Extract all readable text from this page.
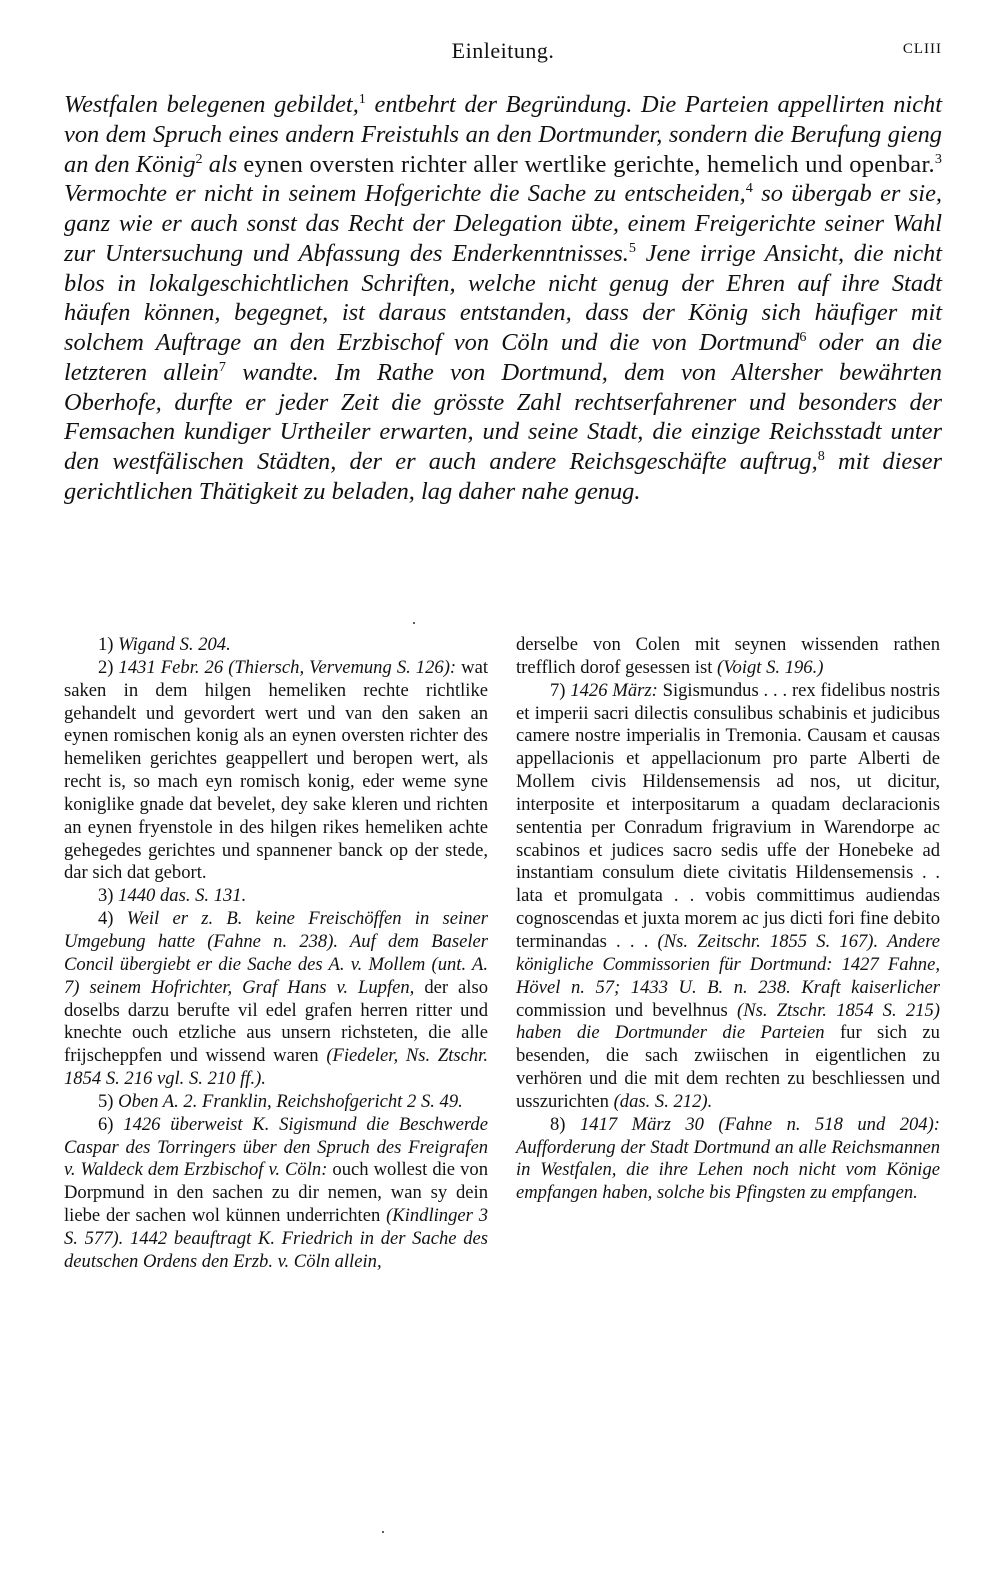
Einleitung.	CLIII

Westfalen belegenen gebildet,$^1$ entbehrt der Begründung. Die Parteien appellirten nicht von dem Spruch eines andern Freistuhls an den Dortmunder, sondern die Berufung gieng an den König$^2$ als eynen oversten richter aller wertlike gerichte, hemelich und openbar.$^3$ Vermochte er nicht in seinem Hofgerichte die Sache zu entscheiden,$^4$ so übergab er sie, ganz wie er auch sonst das Recht der Delegation übte, einem Freigerichte seiner Wahl zur Untersuchung und Abfassung des Enderkenntnisses.$^5$ Jene irrige Ansicht, die nicht blos in lokalgeschichtlichen Schriften, welche nicht genug der Ehren auf ihre Stadt häufen können, begegnet, ist daraus entstanden, dass der König sich häufiger mit solchem Auftrage an den Erzbischof von Cöln und die von Dortmund$^6$ oder an die letzteren allein$^7$ wandte. Im Rathe von Dortmund, dem von Altersher bewährten Oberhofe, durfte er jeder Zeit die grösste Zahl rechtserfahrener und besonders der Femsachen kundiger Urtheiler erwarten, und seine Stadt, die einzige Reichsstadt unter den westfälischen Städten, der er auch andere Reichsgeschäfte auftrug,$^8$ mit dieser gerichtlichen Thätigkeit zu beladen, lag daher nahe genug.

·

1) Wigand S. 204.

2) 1431 Febr. 26 (Thiersch, Vervemung S. 126): wat saken in dem hilgen hemeliken rechte richtlike gehandelt und gevordert wert und van den saken an eynen romischen konig als an eynen oversten richter des hemeliken gerichtes geappellert und beropen wert, als recht is, so mach eyn romisch konig, eder weme syne koniglike gnade dat bevelet, dey sake kleren und richten an eynen fryenstole in des hilgen rikes hemeliken achte gehegedes gerichtes und spannener banck op der stede, dar sich dat gebort.

3) 1440 das. S. 131.

4) Weil er z. B. keine Freischöffen in seiner Umgebung hatte (Fahne n. 238). Auf dem Baseler Concil übergiebt er die Sache des A. v. Mollem (unt. A. 7) seinem Hofrichter, Graf Hans v. Lupfen, der also doselbs darzu berufte vil edel grafen herren ritter und knechte ouch etzliche aus unsern richsteten, die alle frijscheppfen und wissend waren (Fiedeler, Ns. Ztschr. 1854 S. 216 vgl. S. 210 ff.).

5) Oben A. 2. Franklin, Reichshofgericht 2 S. 49.

6) 1426 überweist K. Sigismund die Beschwerde Caspar des Torringers über den Spruch des Freigrafen v. Waldeck dem Erzbischof v. Cöln: ouch wollest die von Dorpmund in den sachen zu dir nemen, wan sy dein liebe der sachen wol künnen underrichten (Kindlinger 3 S. 577). 1442 beauftragt K. Friedrich in der Sache des deutschen Ordens den Erzb. v. Cöln allein,

derselbe von Colen mit seynen wissenden rathen trefflich dorof gesessen ist (Voigt S. 196.)

7) 1426 März: Sigismundus . . . rex fidelibus nostris et imperii sacri dilectis consulibus schabinis et judicibus camere nostre imperialis in Tremonia. Causam et causas appellacionis et appellacionum pro parte Alberti de Mollem civis Hildensemensis ad nos, ut dicitur, interposite et interpositarum a quadam declaracionis sententia per Conradum frigravium in Warendorpe ac scabinos et judices sacro sedis uffe der Honebeke ad instantiam consulum diete civitatis Hildensemensis . . lata et promulgata . . vobis committimus audiendas cognoscendas et juxta morem ac jus dicti fori fine debito terminandas . . . (Ns. Zeitschr. 1855 S. 167). Andere königliche Commissorien für Dortmund: 1427 Fahne, Hövel n. 57; 1433 U. B. n. 238. Kraft kaiserlicher commission und bevelhnus (Ns. Ztschr. 1854 S. 215) haben die Dortmunder die Parteien fur sich zu besenden, die sach zwiischen in eigentlichen zu verhören und die mit dem rechten zu beschliessen und usszurichten (das. S. 212).

8) 1417 März 30 (Fahne n. 518 und 204): Aufforderung der Stadt Dortmund an alle Reichsmannen in Westfalen, die ihre Lehen noch nicht vom Könige empfangen haben, solche bis Pfingsten zu empfangen.

·
